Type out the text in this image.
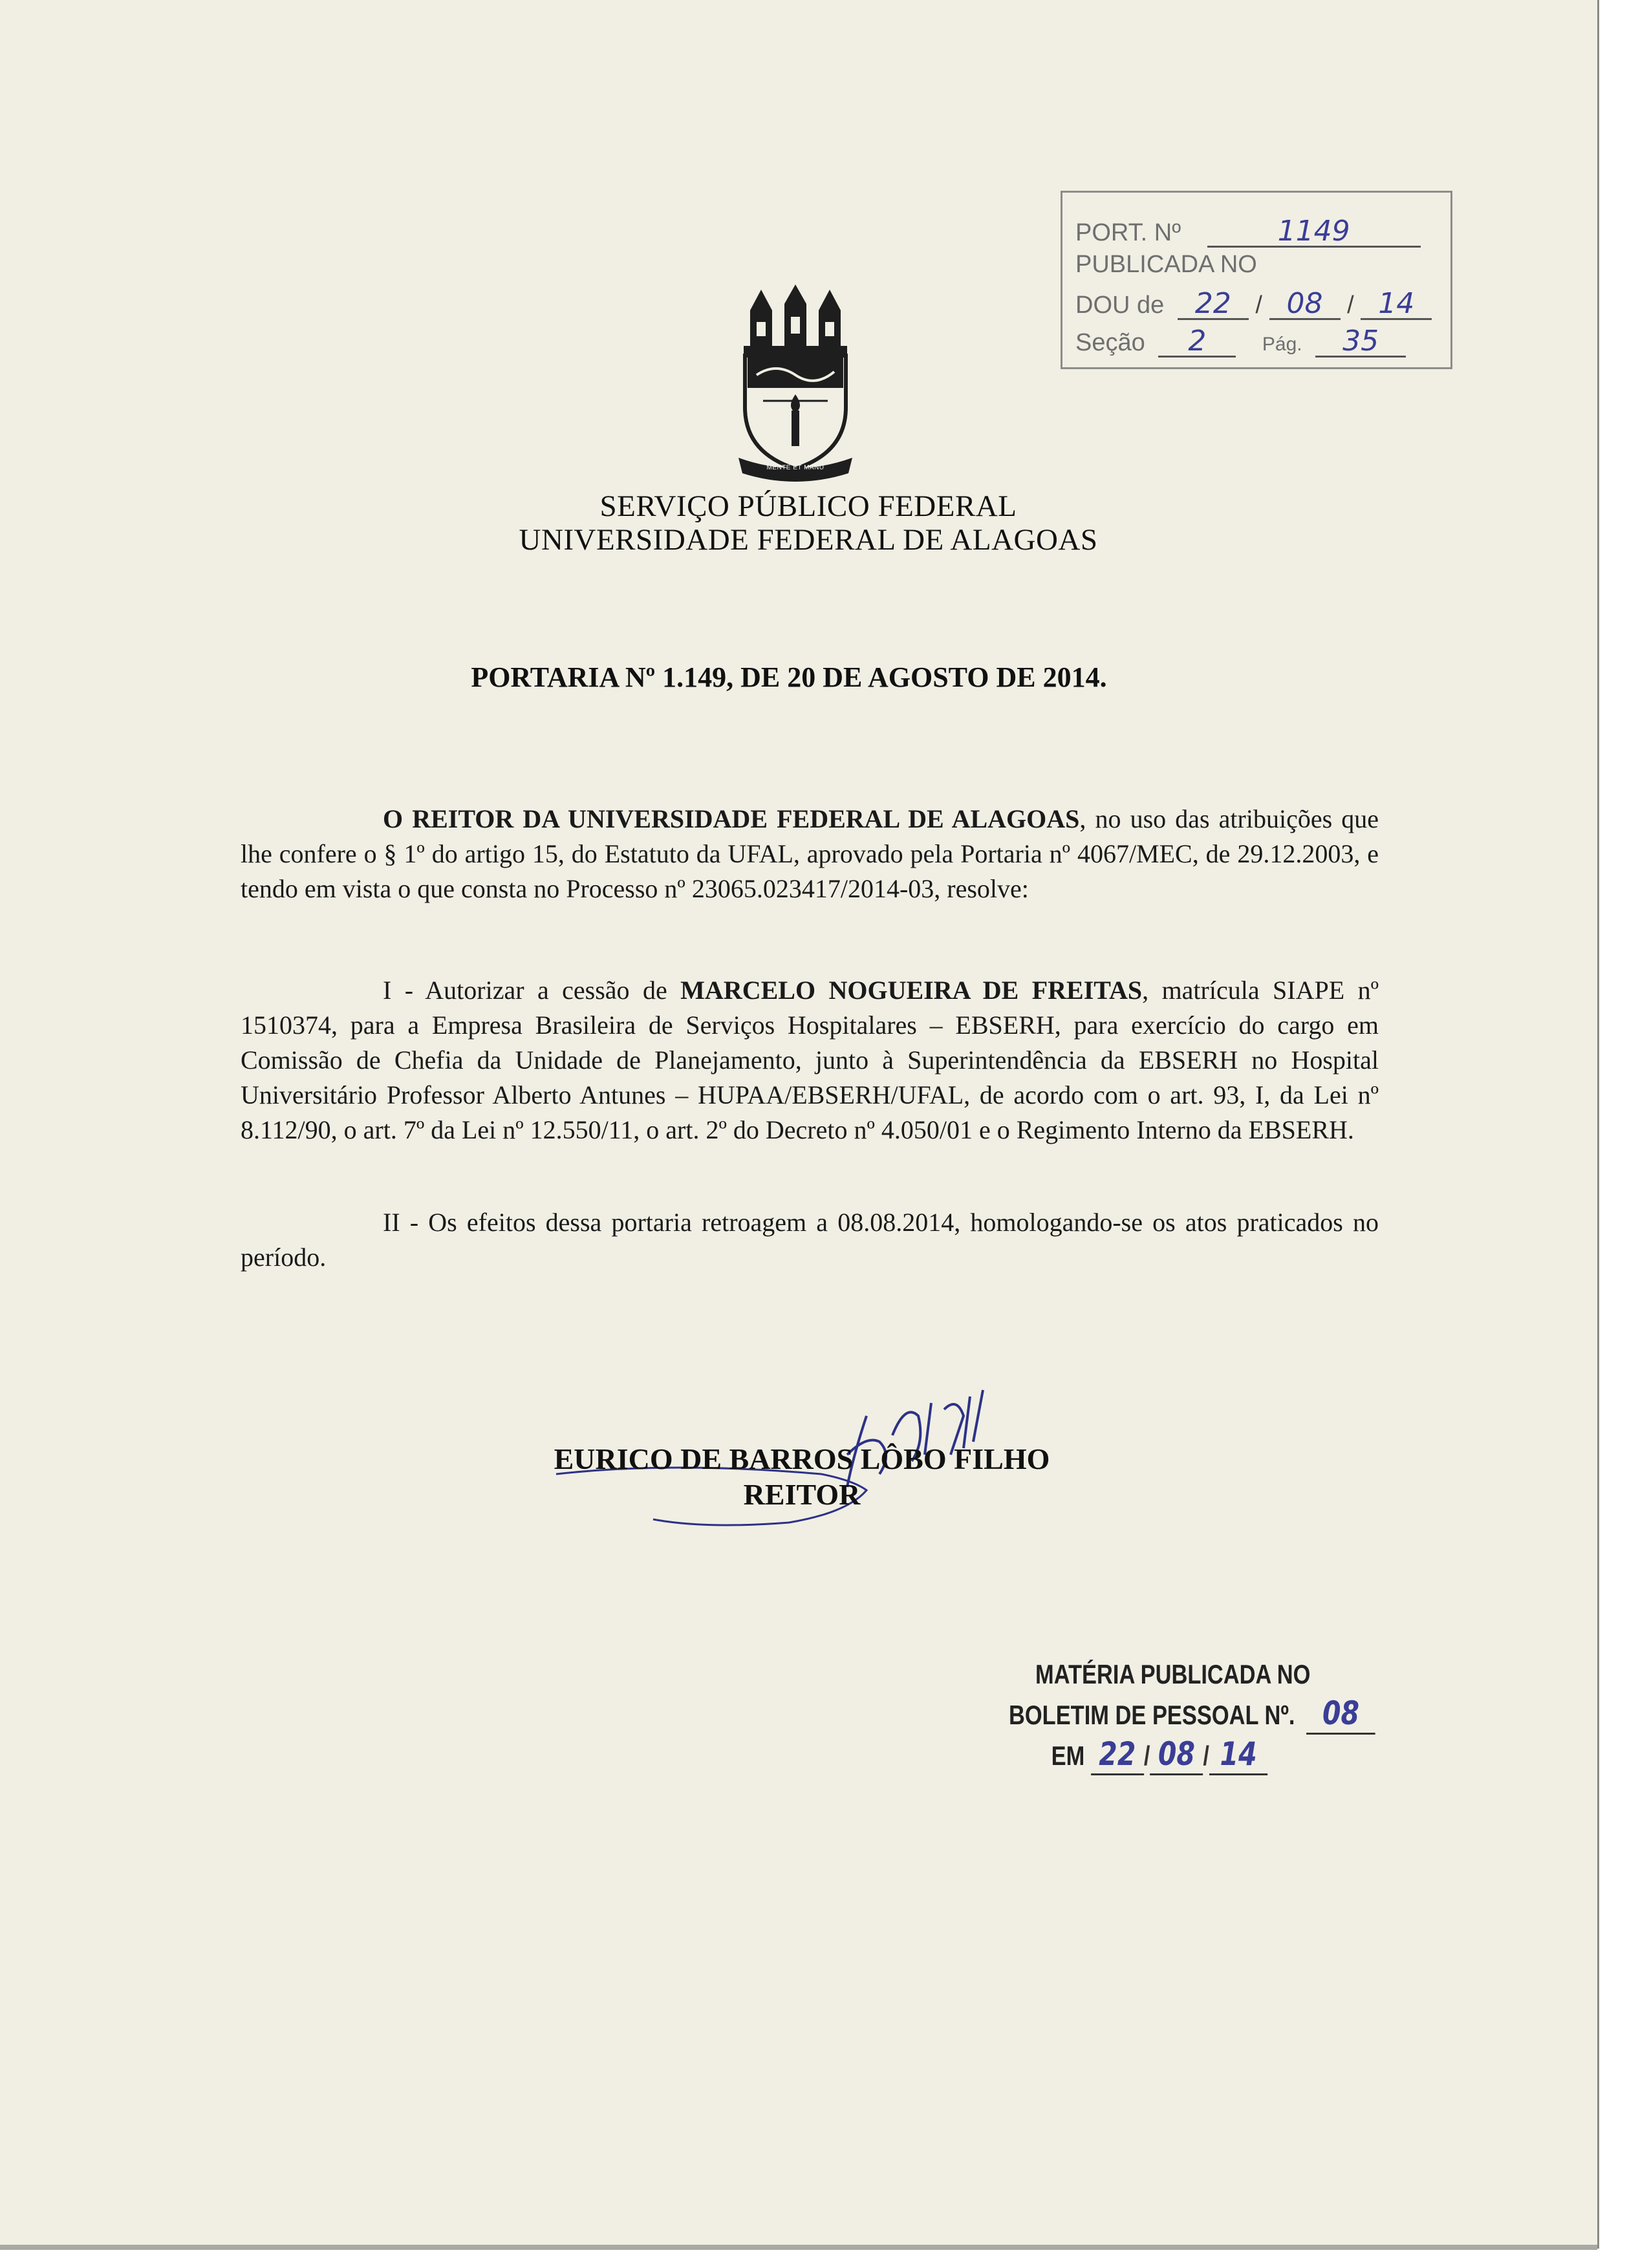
PORT. Nº	1149
PUBLICADA NO
DOU de 22 / 08 / 14
Seção 2	Pág. 35
MENTE ET MANU
SERVIÇO PÚBLICO FEDERAL
UNIVERSIDADE FEDERAL DE ALAGOAS
PORTARIA Nº 1.149, DE 20 DE AGOSTO DE 2014.
O REITOR DA UNIVERSIDADE FEDERAL DE ALAGOAS, no uso das atribuições que lhe confere o § 1º do artigo 15, do Estatuto da UFAL, aprovado pela Portaria nº 4067/MEC, de 29.12.2003, e tendo em vista o que consta no Processo nº 23065.023417/2014-03, resolve:
I - Autorizar a cessão de MARCELO NOGUEIRA DE FREITAS, matrícula SIAPE nº 1510374, para a Empresa Brasileira de Serviços Hospitalares – EBSERH, para exercício do cargo em Comissão de Chefia da Unidade de Planejamento, junto à Superintendência da EBSERH no Hospital Universitário Professor Alberto Antunes – HUPAA/EBSERH/UFAL, de acordo com o art. 93, I, da Lei nº 8.112/90, o art. 7º da Lei nº 12.550/11, o art. 2º do Decreto nº 4.050/01 e o Regimento Interno da EBSERH.
II - Os efeitos dessa portaria retroagem a 08.08.2014, homologando-se os atos praticados no período.
EURICO DE BARROS LÔBO FILHO
REITOR
MATÉRIA PUBLICADA NO
BOLETIM DE PESSOAL Nº. 08
EM 22 / 08 / 14
